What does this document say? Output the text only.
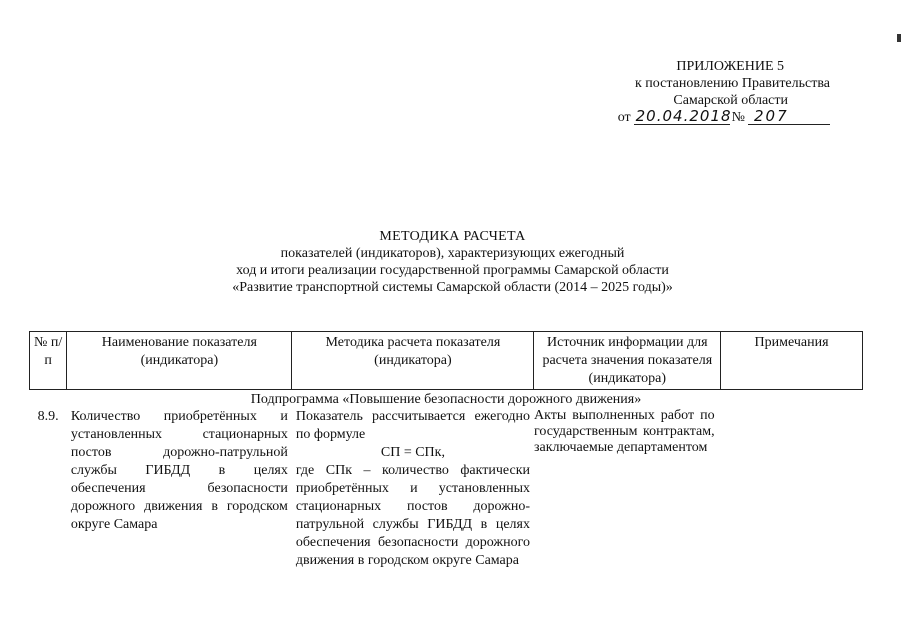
ПРИЛОЖЕНИЕ 5
к постановлению Правительства
Самарской области
от 20.04.2018 № 207
МЕТОДИКА РАСЧЕТА
показателей (индикаторов), характеризующих ежегодный
ход и итоги реализации государственной программы Самарской области
«Развитие транспортной системы Самарской области (2014 – 2025 годы)»
№ п/п	Наименование показателя (индикатора)	Методика расчета показателя (индикатора)	Источник информации для расчета значения показателя (индикатора)	Примечания
Подпрограмма «Повышение безопасности дорожного движения»				
8.9.	Количество приобретённых и установленных стационарных постов дорожно-патрульной службы ГИБДД в целях обеспечения безопасности дорожного движения в городском округе Самара	Показатель рассчитывается ежегодно по формуле
СП = СПк,
где СПк – количество фактически приобретённых и установленных стационарных постов дорожно-патрульной службы ГИБДД в целях обеспечения безопасности дорожного движения в городском округе Самара	Акты выполненных работ по государственным контрактам, заключаемые департаментом	
